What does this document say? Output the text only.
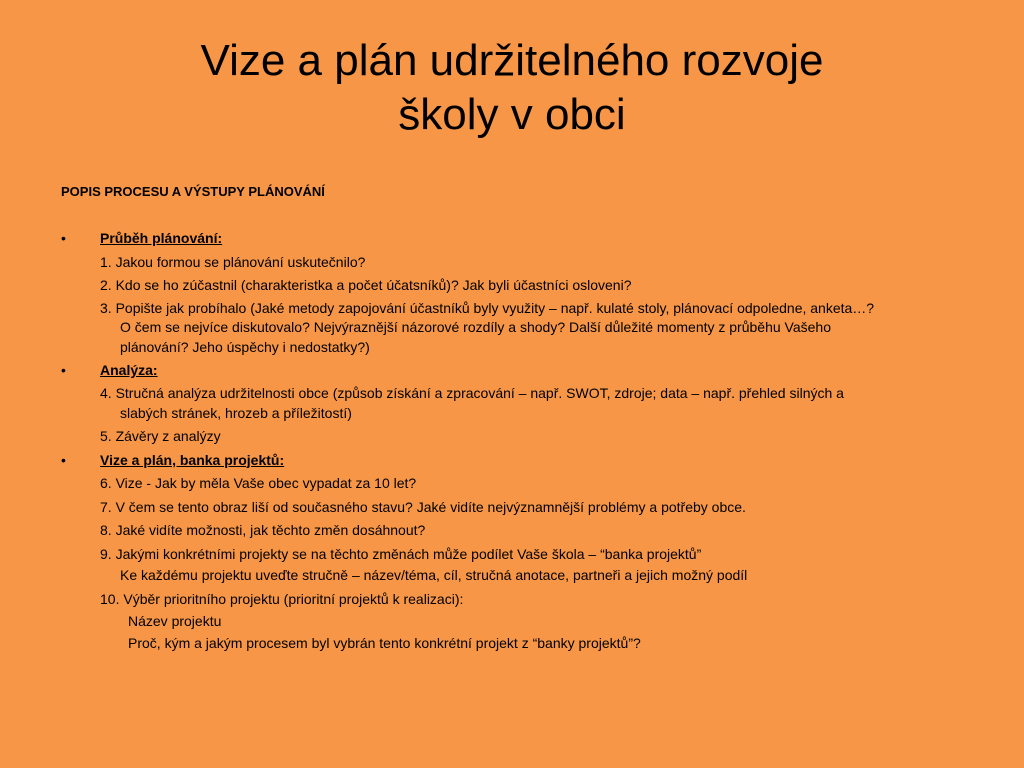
Vize a plán udržitelného rozvoje
školy v obci
POPIS PROCESU A VÝSTUPY PLÁNOVÁNÍ
• Průběh plánování:
1. Jakou formou se plánování uskutečnilo?
2. Kdo se ho zúčastnil (charakteristka a počet účatsníků)? Jak byli účastníci osloveni?
3. Popište jak probíhalo (Jaké metody zapojování účastníků byly využity – např. kulaté stoly, plánovací odpoledne, anketa…?
O čem se nejvíce diskutovalo? Nejvýraznější názorové rozdíly a shody? Další důležité momenty z průběhu Vašeho
plánování? Jeho úspěchy i nedostatky?)
• Analýza:
4. Stručná analýza udržitelnosti obce (způsob získání a zpracování – např. SWOT, zdroje; data – např. přehled silných a
slabých stránek, hrozeb a příležitostí)
5. Závěry z analýzy
• Vize a plán, banka projektů:
6. Vize - Jak by měla Vaše obec vypadat za 10 let?
7. V čem se tento obraz liší od současného stavu? Jaké vidíte nejvýznamnější problémy a potřeby obce.
8. Jaké vidíte možnosti, jak těchto změn dosáhnout?
9. Jakými konkrétními projekty se na těchto změnách může podílet Vaše škola – “banka projektů”
Ke každému projektu uveďte stručně – název/téma, cíl, stručná anotace, partneři a jejich možný podíl
10. Výběr prioritního projektu (prioritní projektů k realizaci):
Název projektu
Proč, kým a jakým procesem byl vybrán tento konkrétní projekt z “banky projektů”?
